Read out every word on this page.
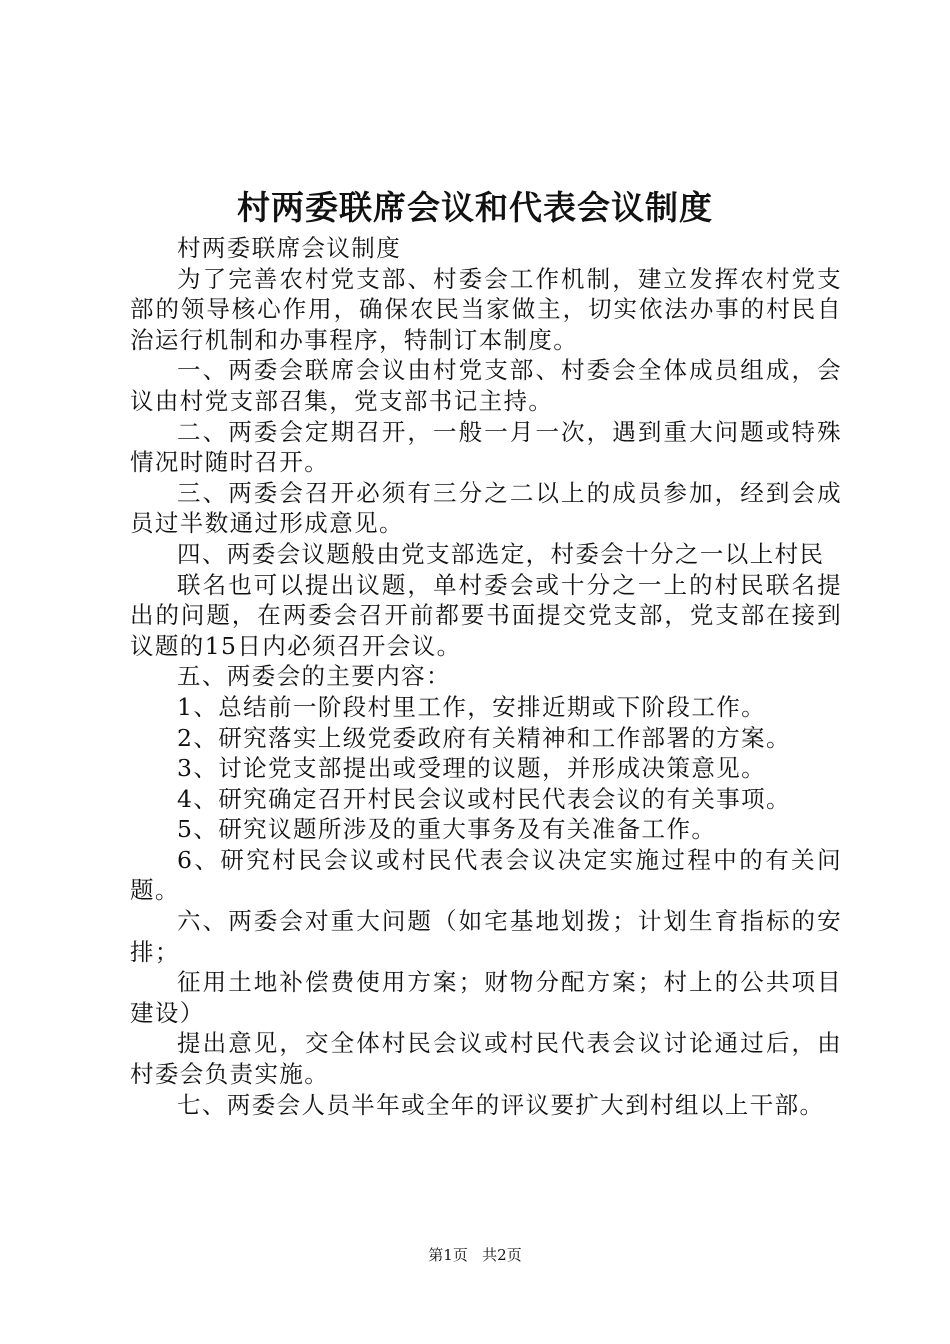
村两委联席会议和代表会议制度

村两委联席会议制度

为了完善农村党支部、村委会工作机制，建立发挥农村党支部的领导核心作用，确保农民当家做主，切实依法办事的村民自治运行机制和办事程序，特制订本制度。

一、两委会联席会议由村党支部、村委会全体成员组成，会议由村党支部召集，党支部书记主持。

二、两委会定期召开，一般一月一次，遇到重大问题或特殊情况时随时召开。

三、两委会召开必须有三分之二以上的成员参加，经到会成员过半数通过形成意见。

四、两委会议题般由党支部选定，村委会十分之一以上村民

联名也可以提出议题，单村委会或十分之一上的村民联名提出的问题，在两委会召开前都要书面提交党支部，党支部在接到议题的15日内必须召开会议。

五、两委会的主要内容：

1、总结前一阶段村里工作，安排近期或下阶段工作。

2、研究落实上级党委政府有关精神和工作部署的方案。

3、讨论党支部提出或受理的议题，并形成决策意见。

4、研究确定召开村民会议或村民代表会议的有关事项。

5、研究议题所涉及的重大事务及有关准备工作。

6、研究村民会议或村民代表会议决定实施过程中的有关问题。

六、两委会对重大问题（如宅基地划拨；计划生育指标的安排；

征用土地补偿费使用方案；财物分配方案；村上的公共项目建设）

提出意见，交全体村民会议或村民代表会议讨论通过后，由村委会负责实施。

七、两委会人员半年或全年的评议要扩大到村组以上干部。

第1页 共2页
